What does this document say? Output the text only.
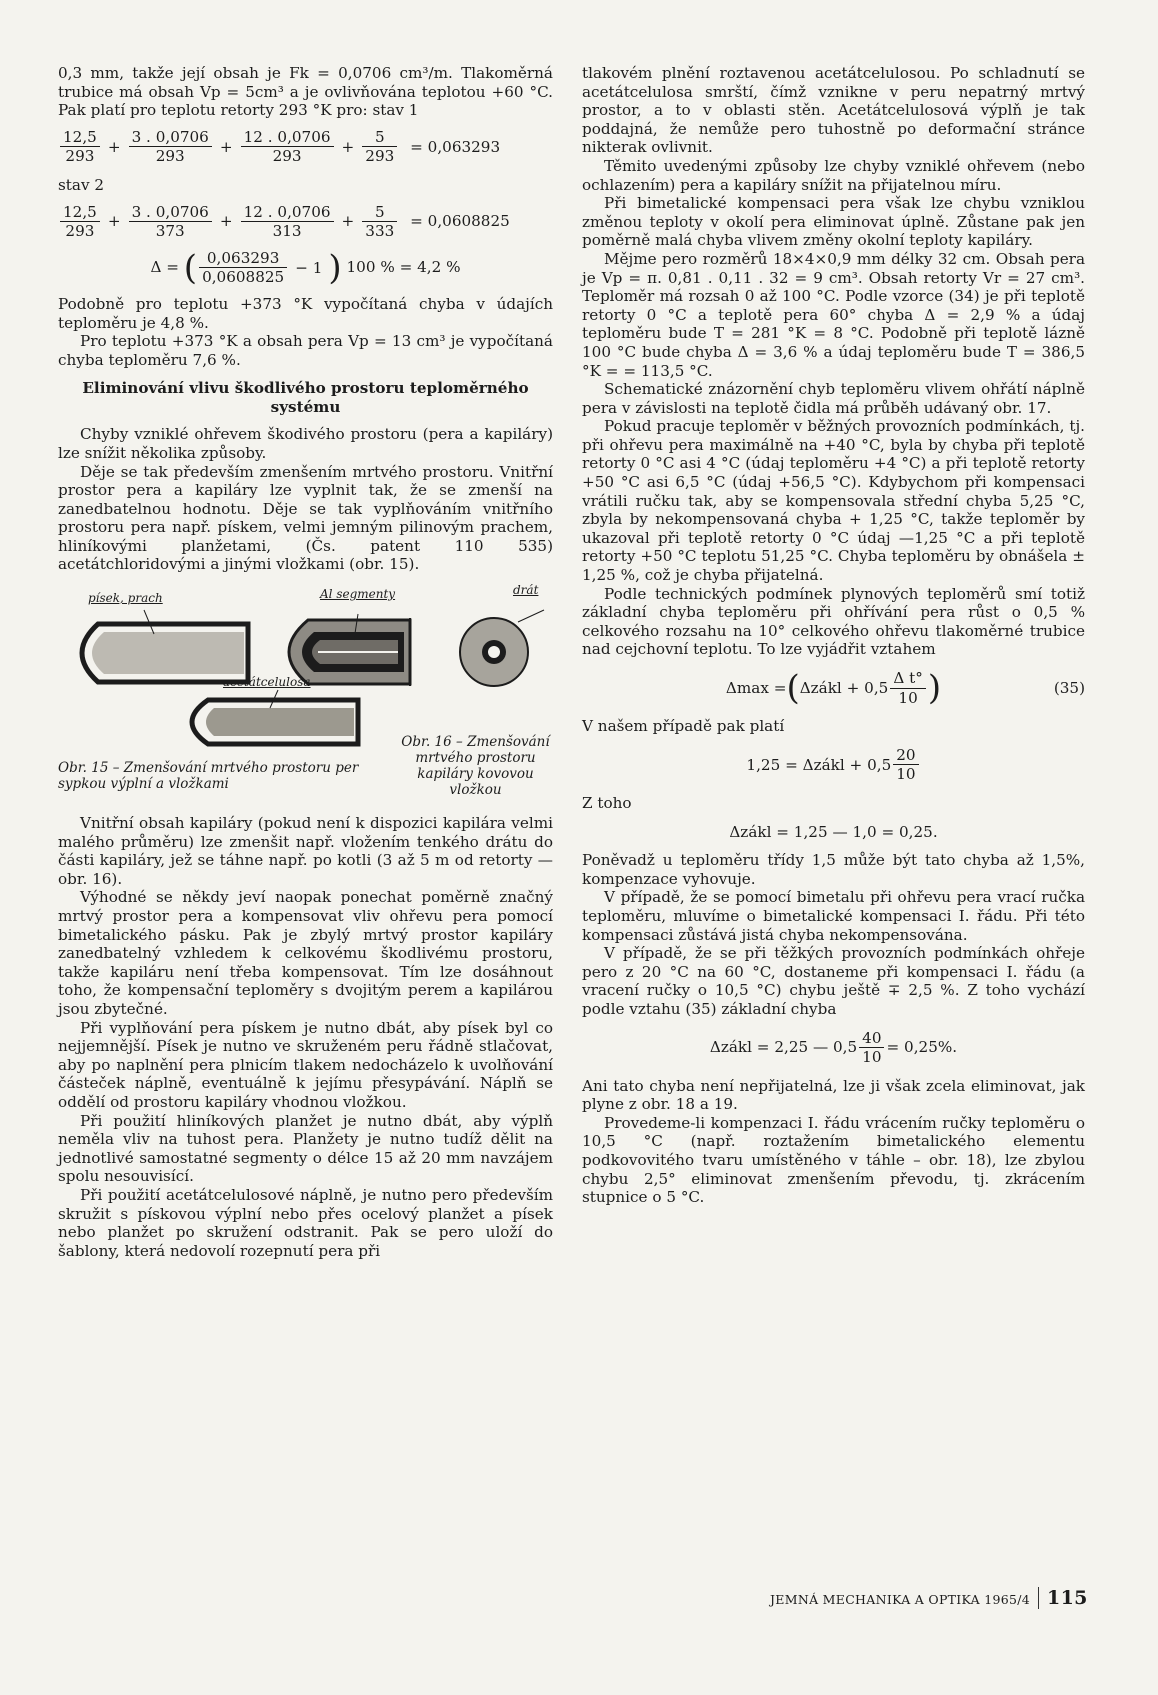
0,3 mm, takže její obsah je Fk = 0,0706 cm³/m. Tlakoměrná trubice má obsah Vp = 5cm³ a je ovlivňována teplotou +60 °C. Pak platí pro teplotu retorty 293 °K pro: stav 1

$\frac{12,5}{293} + \frac{3 . 0,0706}{293} + \frac{12 . 0,0706}{293} + \frac{5}{293} = 0,063293$
stav 2
$\frac{12,5}{293} + \frac{3 . 0,0706}{373} + \frac{12 . 0,0706}{313} + \frac{5}{333} = 0,0608825$
Δ = ( $\frac{0,063293}{0,0608825} - 1$ ) 100 % = 4,2 %

Podobně pro teplotu +373 °K vypočítaná chyba v údajích teploměru je 4,8 %.

Pro teplotu +373 °K a obsah pera Vp = 13 cm³ je vypočítaná chyba teploměru 7,6 %.

Eliminování vlivu škodlivého prostoru teploměrného systému

Chyby vzniklé ohřevem škodivého prostoru (pera a kapiláry) lze snížit několika způsoby.

Děje se tak především zmenšením mrtvého prostoru. Vnitřní prostor pera a kapiláry lze vyplnit tak, že se zmenší na zanedbatelnou hodnotu. Děje se tak vyplňováním vnitřního prostoru pera např. pískem, velmi jemným pilinovým prachem, hliníkovými planžetami, (Čs. patent 110 535) acetátchloridovými a jinými vložkami (obr. 15).

písek, prach	Al segmenty	drát
acetátcelulosa
Obr. 15 – Zmenšování mrtvého prostoru per sypkou výplní a vložkami
Obr. 16 – Zmenšování mrtvého prostoru kapiláry kovovou vložkou

Vnitřní obsah kapiláry (pokud není k dispozici kapilára velmi malého průměru) lze zmenšit např. vložením tenkého drátu do části kapiláry, jež se táhne např. po kotli (3 až 5 m od retorty — obr. 16).

Výhodné se někdy jeví naopak ponechat poměrně značný mrtvý prostor pera a kompensovat vliv ohřevu pera pomocí bimetalického pásku. Pak je zbylý mrtvý prostor kapiláry zanedbatelný vzhledem k celkovému škodlivému prostoru, takže kapiláru není třeba kompensovat. Tím lze dosáhnout toho, že kompensační teploměry s dvojitým perem a kapilárou jsou zbytečné.

Při vyplňování pera pískem je nutno dbát, aby písek byl co nejjemnější. Písek je nutno ve skruženém peru řádně stlačovat, aby po naplnění pera plnicím tlakem nedocházelo k uvolňování částeček náplně, eventuálně k jejímu přesypávání. Náplň se oddělí od prostoru kapiláry vhodnou vložkou.

Při použití hliníkových planžet je nutno dbát, aby výplň neměla vliv na tuhost pera. Planžety je nutno tudíž dělit na jednotlivé samostatné segmenty o délce 15 až 20 mm navzájem spolu nesouvisící.

Při použití acetátcelulosové náplně, je nutno pero především skružit s pískovou výplní nebo přes ocelový planžet a písek nebo planžet po skružení odstranit. Pak se pero uloží do šablony, která nedovolí rozepnutí pera při

tlakovém plnění roztavenou acetátcelulosou. Po schladnutí se acetátcelulosa smrští, čímž vznikne v peru nepatrný mrtvý prostor, a to v oblasti stěn. Acetátcelulosová výplň je tak poddajná, že nemůže pero tuhostně po deformační stránce nikterak ovlivnit.

Těmito uvedenými způsoby lze chyby vzniklé ohřevem (nebo ochlazením) pera a kapiláry snížit na přijatelnou míru.

Při bimetalické kompensaci pera však lze chybu vzniklou změnou teploty v okolí pera eliminovat úplně. Zůstane pak jen poměrně malá chyba vlivem změny okolní teploty kapiláry.

Mějme pero rozměrů 18×4×0,9 mm délky 32 cm. Obsah pera je Vp = π. 0,81 . 0,11 . 32 = 9 cm³. Obsah retorty Vr = 27 cm³. Teploměr má rozsah 0 až 100 °C. Podle vzorce (34) je při teplotě retorty 0 °C a teplotě pera 60° chyba Δ = 2,9 % a údaj teploměru bude T = 281 °K = 8 °C. Podobně při teplotě lázně 100 °C bude chyba Δ = 3,6 % a údaj teploměru bude T = 386,5 °K = = 113,5 °C.

Schematické znázornění chyb teploměru vlivem ohřátí náplně pera v závislosti na teplotě čidla má průběh udávaný obr. 17.

Pokud pracuje teploměr v běžných provozních podmínkách, tj. při ohřevu pera maximálně na +40 °C, byla by chyba při teplotě retorty 0 °C asi 4 °C (údaj teploměru +4 °C) a při teplotě retorty +50 °C asi 6,5 °C (údaj +56,5 °C). Kdybychom při kompensaci vrátili ručku tak, aby se kompensovala střední chyba 5,25 °C, zbyla by nekompensovaná chyba + 1,25 °C, takže teploměr by ukazoval při teplotě retorty 0 °C údaj —1,25 °C a při teplotě retorty +50 °C teplotu 51,25 °C. Chyba teploměru by obnášela ± 1,25 %, což je chyba přijatelná.

Podle technických podmínek plynových teploměrů smí totiž základní chyba teploměru při ohřívání pera růst o 0,5 % celkového rozsahu na 10° celkového ohřevu tlakoměrné trubice nad cejchovní teplotu. To lze vyjádřit vztahem

Δmax = ( Δzákl + $0,5 \frac{\text{Δ t°}}{10}$ )	(35)

V našem případě pak platí

1,25 = Δzákl + $0,5 \frac{20}{10}$

Z toho

Δzákl = 1,25 — 1,0 = 0,25.

Poněvadž u teploměru třídy 1,5 může být tato chyba až 1,5%, kompenzace vyhovuje.

V případě, že se pomocí bimetalu při ohřevu pera vrací ručka teploměru, mluvíme o bimetalické kompensaci I. řádu. Při této kompensaci zůstává jistá chyba nekompensována.

V případě, že se při těžkých provozních podmínkách ohřeje pero z 20 °C na 60 °C, dostaneme při kompensaci I. řádu (a vracení ručky o 10,5 °C) chybu ještě ∓ 2,5 %. Z toho vychází podle vztahu (35) základní chyba

Δzákl = 2,25 — $0,5 \frac{40}{10} = 0,25\%$.

Ani tato chyba není nepřijatelná, lze ji však zcela eliminovat, jak plyne z obr. 18 a 19.

Provedeme-li kompenzaci I. řádu vrácením ručky teploměru o 10,5 °C (např. roztažením bimetalického elementu podkovovitého tvaru umístěného v táhle – obr. 18), lze zbylou chybu 2,5° eliminovat zmenšením převodu, tj. zkrácením stupnice o 5 °C.

JEMNÁ MECHANIKA A OPTIKA 1965/4 115
